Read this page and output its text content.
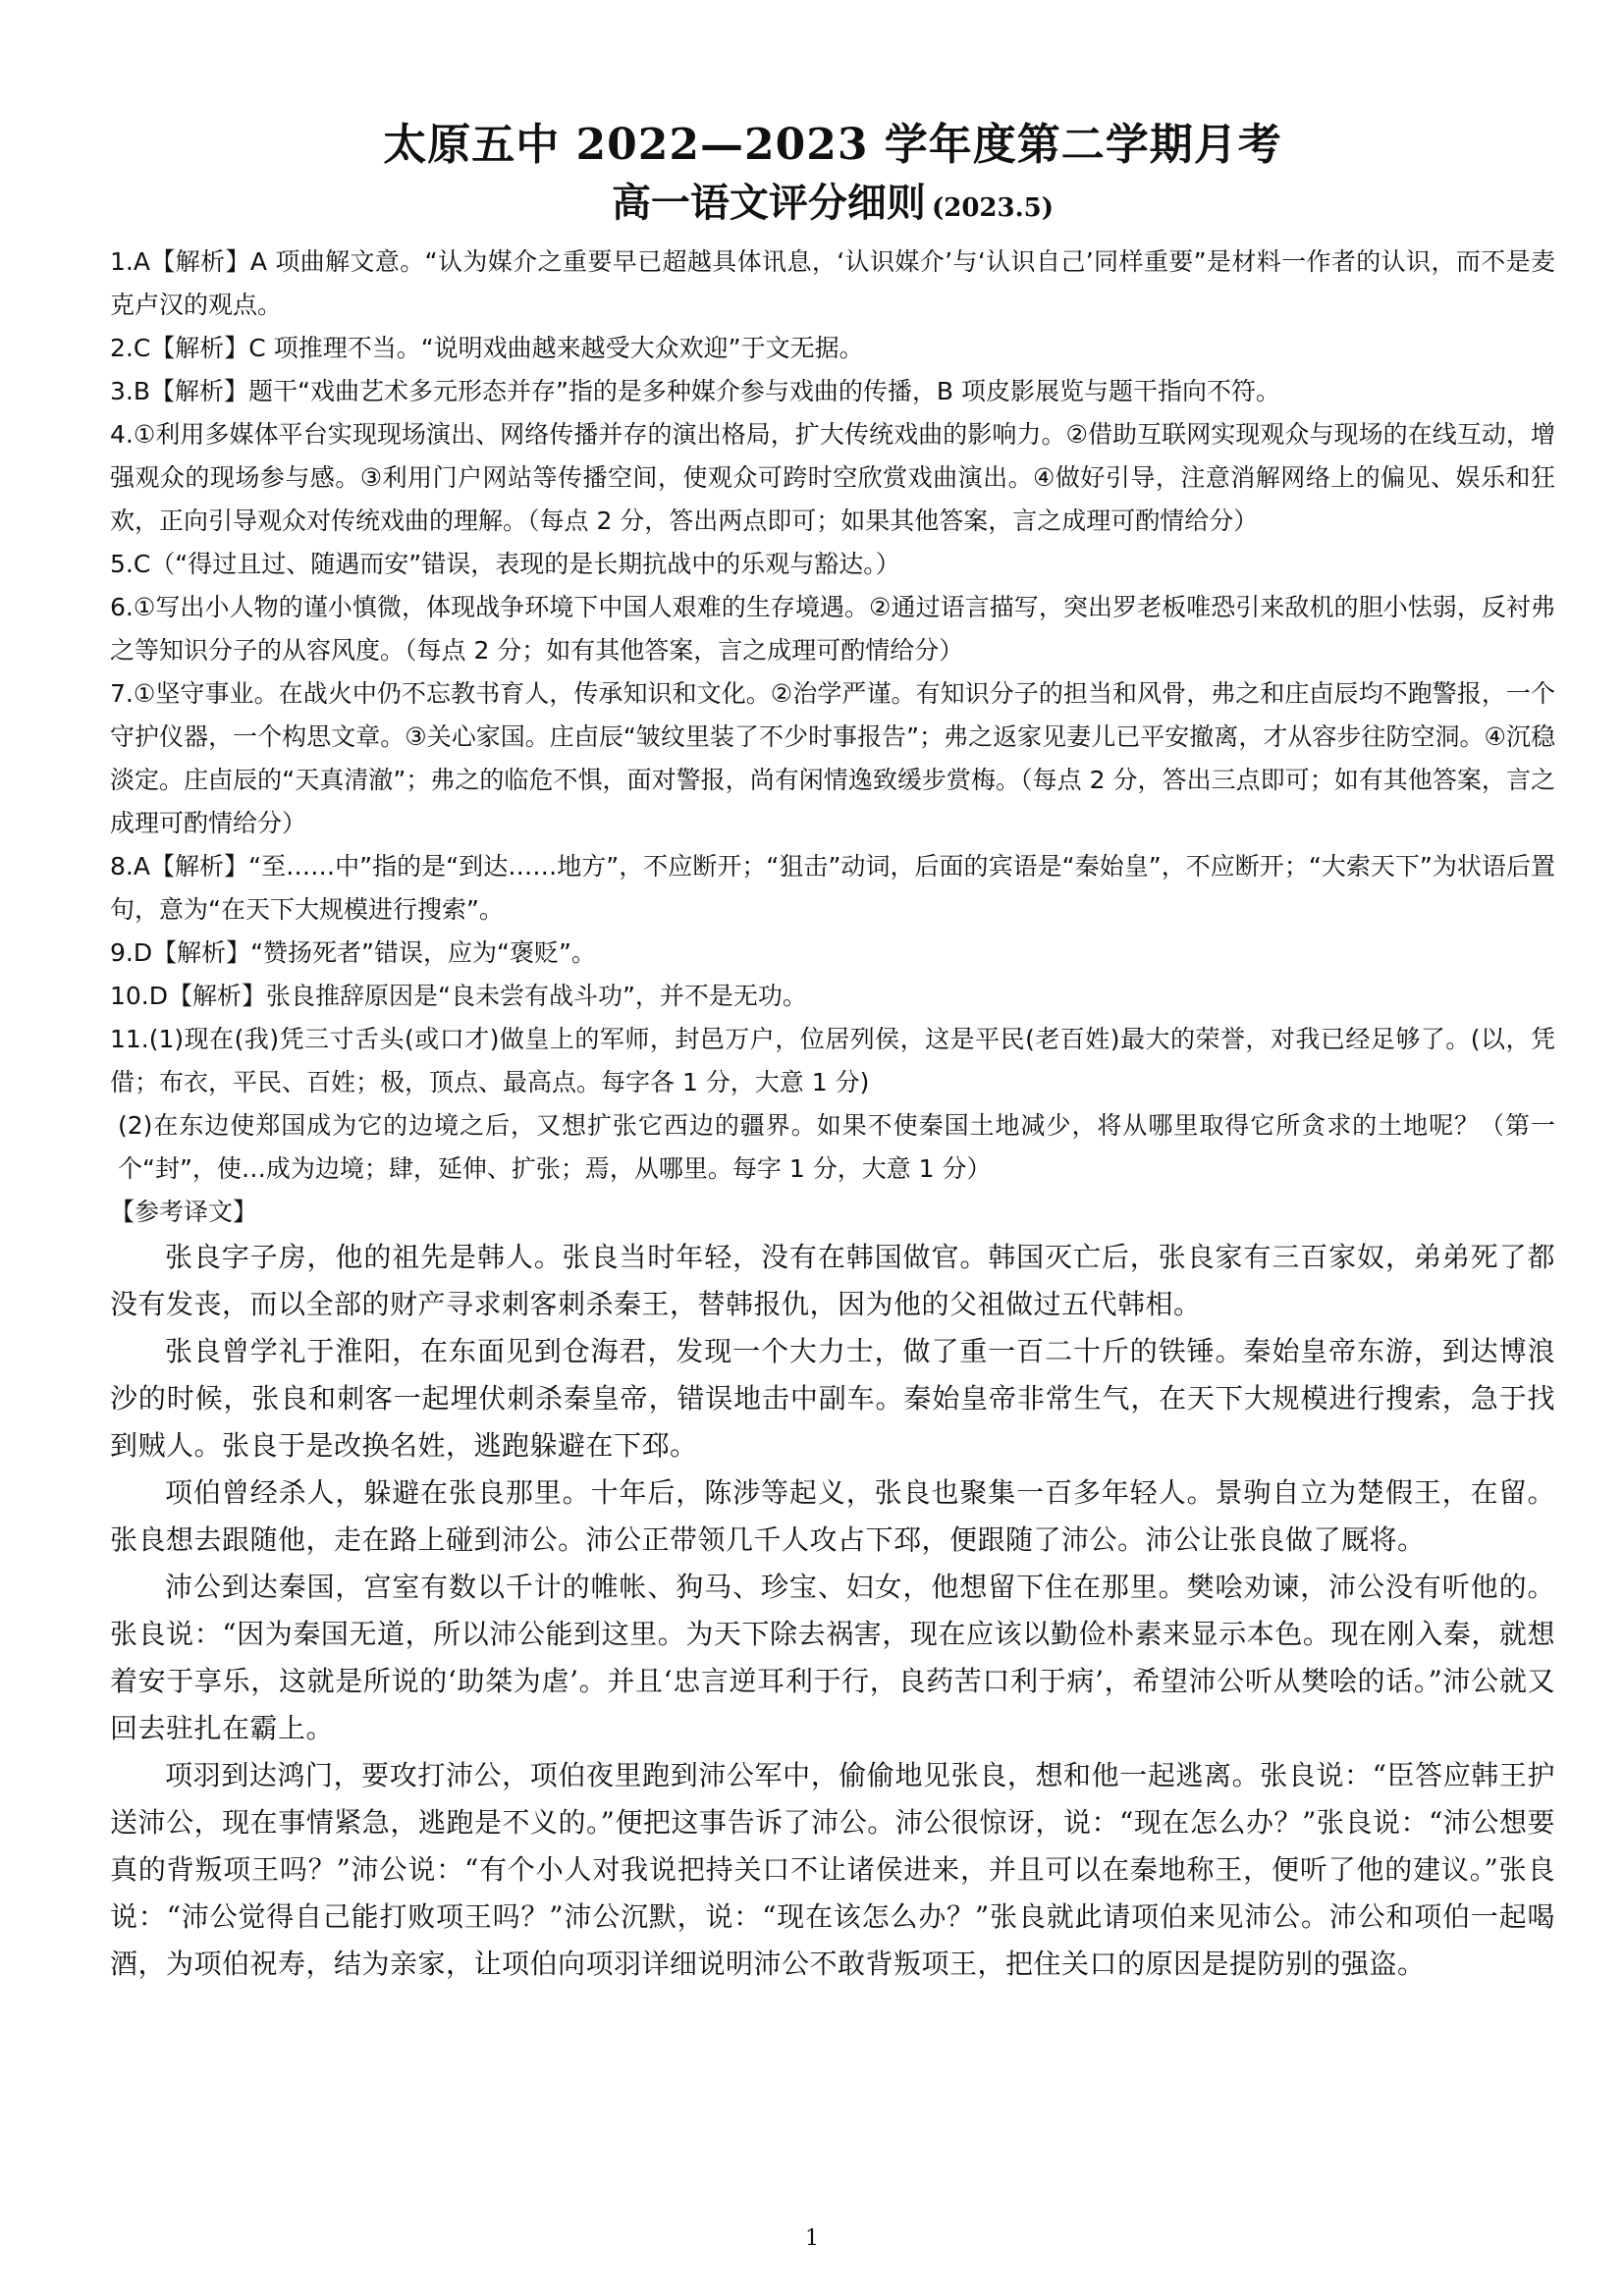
太原五中 2022—2023 学年度第二学期月考
高一语文评分细则 (2023.5)

1.A【解析】A 项曲解文意。“认为媒介之重要早已超越具体讯息，‘认识媒介’与‘认识自己’同样重要”是材料一作者的认识，而不是麦克卢汉的观点。

2.C【解析】C 项推理不当。“说明戏曲越来越受大众欢迎”于文无据。

3.B【解析】题干“戏曲艺术多元形态并存”指的是多种媒介参与戏曲的传播，B 项皮影展览与题干指向不符。

4.①利用多媒体平台实现现场演出、网络传播并存的演出格局，扩大传统戏曲的影响力。②借助互联网实现观众与现场的在线互动，增强观众的现场参与感。③利用门户网站等传播空间，使观众可跨时空欣赏戏曲演出。④做好引导，注意消解网络上的偏见、娱乐和狂欢，正向引导观众对传统戏曲的理解。（每点 2 分，答出两点即可；如果其他答案，言之成理可酌情给分）

5.C（“得过且过、随遇而安”错误，表现的是长期抗战中的乐观与豁达。）

6.①写出小人物的谨小慎微，体现战争环境下中国人艰难的生存境遇。②通过语言描写，突出罗老板唯恐引来敌机的胆小怯弱，反衬弗之等知识分子的从容风度。（每点 2 分；如有其他答案，言之成理可酌情给分）

7.①坚守事业。在战火中仍不忘教书育人，传承知识和文化。②治学严谨。有知识分子的担当和风骨，弗之和庄卣辰均不跑警报，一个守护仪器，一个构思文章。③关心家国。庄卣辰“皱纹里装了不少时事报告”；弗之返家见妻儿已平安撤离，才从容步往防空洞。④沉稳淡定。庄卣辰的“天真清澈”；弗之的临危不惧，面对警报，尚有闲情逸致缓步赏梅。（每点 2 分，答出三点即可；如有其他答案，言之成理可酌情给分）

8.A【解析】“至……中”指的是“到达……地方”，不应断开；“狙击”动词，后面的宾语是“秦始皇”，不应断开；“大索天下”为状语后置句，意为“在天下大规模进行搜索”。

9.D【解析】“赞扬死者”错误，应为“褒贬”。

10.D【解析】张良推辞原因是“良未尝有战斗功”，并不是无功。

11.(1)现在(我)凭三寸舌头(或口才)做皇上的军师，封邑万户，位居列侯，这是平民(老百姓)最大的荣誉，对我已经足够了。(以，凭借；布衣，平民、百姓；极，顶点、最高点。每字各 1 分，大意 1 分)

(2)在东边使郑国成为它的边境之后，又想扩张它西边的疆界。如果不使秦国土地减少，将从哪里取得它所贪求的土地呢？（第一个“封”，使…成为边境；肆，延伸、扩张；焉，从哪里。每字 1 分，大意 1 分）

【参考译文】

张良字子房，他的祖先是韩人。张良当时年轻，没有在韩国做官。韩国灭亡后，张良家有三百家奴，弟弟死了都没有发丧，而以全部的财产寻求刺客刺杀秦王，替韩报仇，因为他的父祖做过五代韩相。

张良曾学礼于淮阳，在东面见到仓海君，发现一个大力士，做了重一百二十斤的铁锤。秦始皇帝东游，到达博浪沙的时候，张良和刺客一起埋伏刺杀秦皇帝，错误地击中副车。秦始皇帝非常生气，在天下大规模进行搜索，急于找到贼人。张良于是改换名姓，逃跑躲避在下邳。

项伯曾经杀人，躲避在张良那里。十年后，陈涉等起义，张良也聚集一百多年轻人。景驹自立为楚假王，在留。张良想去跟随他，走在路上碰到沛公。沛公正带领几千人攻占下邳，便跟随了沛公。沛公让张良做了厩将。

沛公到达秦国，宫室有数以千计的帷帐、狗马、珍宝、妇女，他想留下住在那里。樊哙劝谏，沛公没有听他的。张良说：“因为秦国无道，所以沛公能到这里。为天下除去祸害，现在应该以勤俭朴素来显示本色。现在刚入秦，就想着安于享乐，这就是所说的‘助桀为虐’。并且‘忠言逆耳利于行，良药苦口利于病’，希望沛公听从樊哙的话。”沛公就又回去驻扎在霸上。

项羽到达鸿门，要攻打沛公，项伯夜里跑到沛公军中，偷偷地见张良，想和他一起逃离。张良说：“臣答应韩王护送沛公，现在事情紧急，逃跑是不义的。”便把这事告诉了沛公。沛公很惊讶，说：“现在怎么办？”张良说：“沛公想要真的背叛项王吗？”沛公说：“有个小人对我说把持关口不让诸侯进来，并且可以在秦地称王，便听了他的建议。”张良说：“沛公觉得自己能打败项王吗？”沛公沉默，说：“现在该怎么办？”张良就此请项伯来见沛公。沛公和项伯一起喝酒，为项伯祝寿，结为亲家，让项伯向项羽详细说明沛公不敢背叛项王，把住关口的原因是提防别的强盗。

1
